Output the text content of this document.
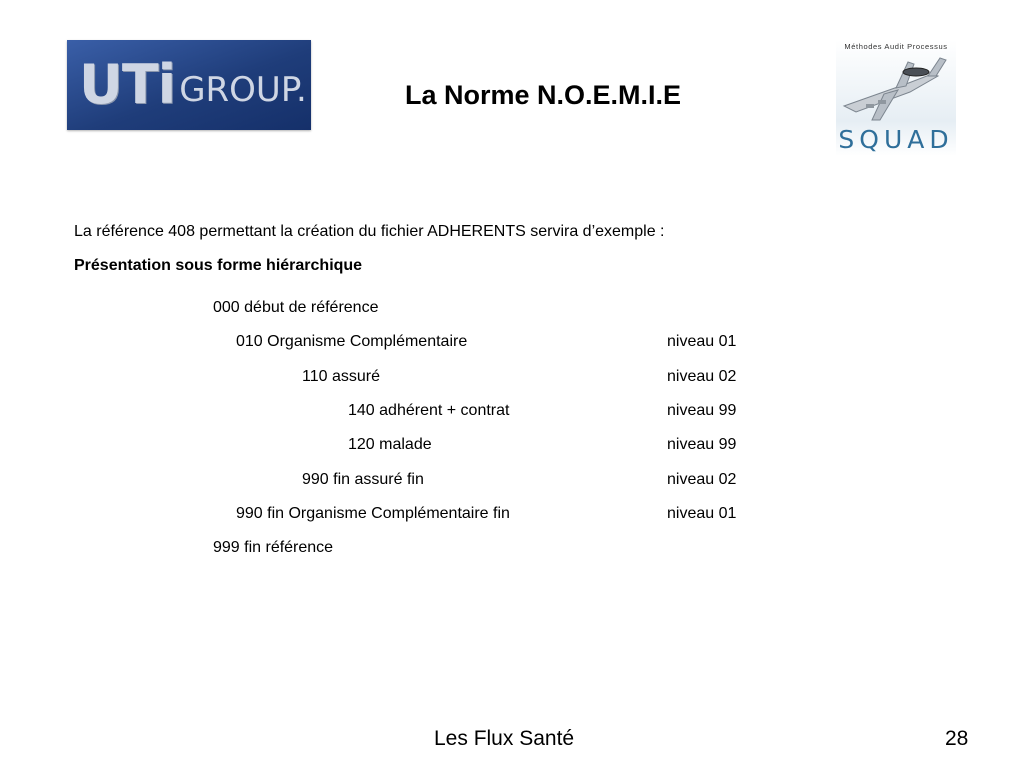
UTi GROUP.	La Norme N.O.E.M.I.E
Méthodes Audit Processus
SQUAD
La référence 408 permettant la création du fichier ADHERENTS servira d’exemple :
Présentation sous forme hiérarchique
000 début de référence
010 Organisme Complémentaire	niveau 01
110 assuré	niveau 02
140 adhérent + contrat	niveau 99
120 malade	niveau 99
990 fin assuré fin	niveau 02
990 fin Organisme Complémentaire fin	niveau 01
999 fin référence
Les Flux Santé	28
